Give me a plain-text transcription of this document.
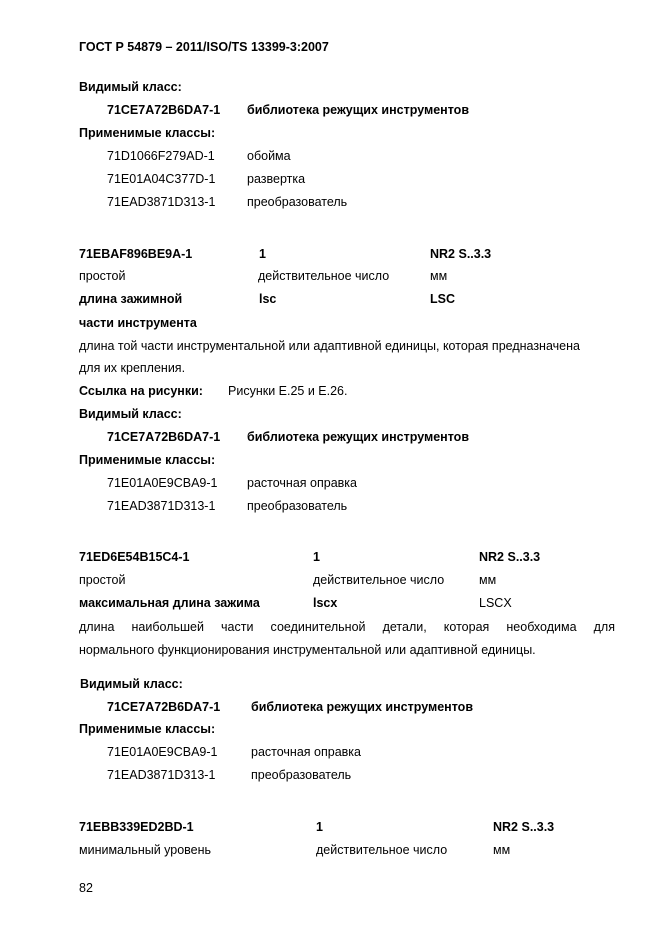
ГОСТ Р 54879 – 2011/ISO/TS 13399-3:2007
Видимый класс:
71CE7A72B6DA7-1 библиотека режущих инструментов
Применимые классы:
71D1066F279AD-1	обойма
71E01A04C377D-1	развертка
71EAD3871D313-1	преобразователь
71EBAF896BE9A-1	1	NR2 S..3.3
простой	действительное число	мм
длина зажимной	lsc	LSC
части инструмента
длина той части инструментальной или адаптивной единицы, которая предназначена
для их крепления.
Ссылка на рисунки: Рисунки Е.25 и Е.26.
Видимый класс:
71CE7A72B6DA7-1 библиотека режущих инструментов
Применимые классы:
71E01A0E9CBA9-1 расточная оправка
71EAD3871D313-1	преобразователь
71ED6E54B15C4-1	1	NR2 S..3.3
простой	действительное число	мм
максимальная длина зажима	lscx	LSCX
длина наибольшей части соединительной детали, которая необходима для
нормального функционирования инструментальной или адаптивной единицы.
Видимый класс:
71CE7A72B6DA7-1 библиотека режущих инструментов
Применимые классы:
71E01A0E9CBA9-1	расточная оправка
71EAD3871D313-1	преобразователь
71EBB339ED2BD-1	1	NR2 S..3.3
минимальный уровень	действительное число	мм
82
